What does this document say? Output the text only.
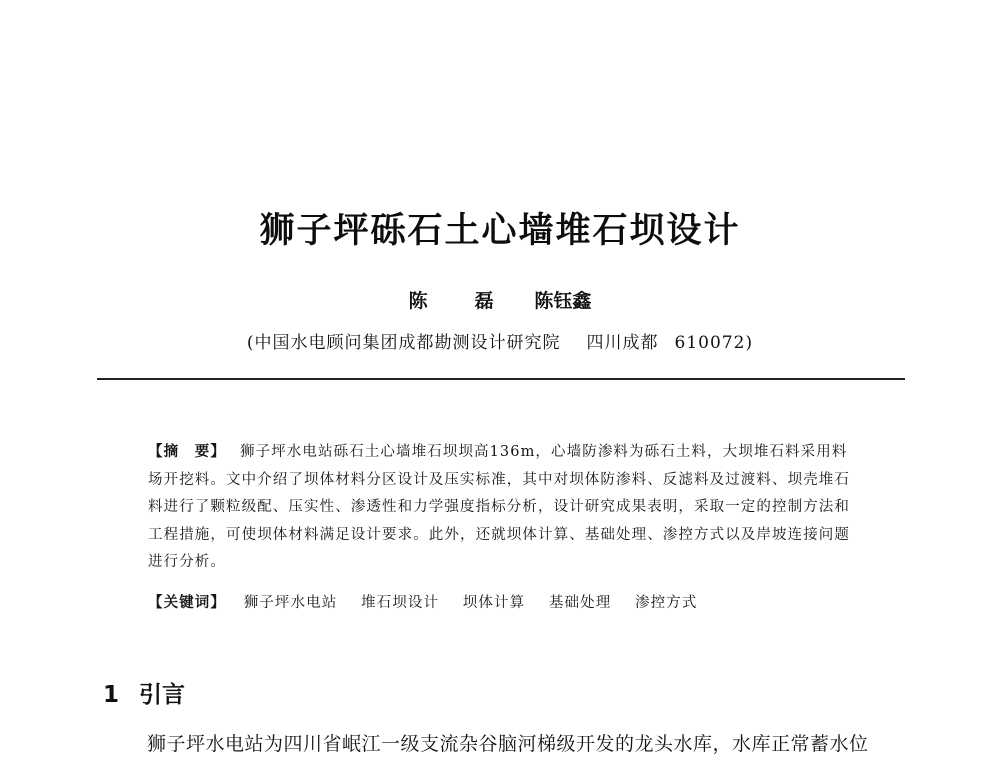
狮子坪砾石土心墙堆石坝设计
陈　磊 陈钰鑫
(中国水电顾问集团成都勘测设计研究院 四川成都 610072)
【摘　要】 狮子坪水电站砾石土心墙堆石坝坝高136m，心墙防渗料为砾石土料，大坝堆石料采用料场开挖料。文中介绍了坝体材料分区设计及压实标准，其中对坝体防渗料、反滤料及过渡料、坝壳堆石料进行了颗粒级配、压实性、渗透性和力学强度指标分析，设计研究成果表明，采取一定的控制方法和工程措施，可使坝体材料满足设计要求。此外，还就坝体计算、基础处理、渗控方式以及岸坡连接问题进行分析。
【关键词】 狮子坪水电站 堆石坝设计 坝体计算 基础处理 渗控方式
1 引言
狮子坪水电站为四川省岷江一级支流杂谷脑河梯级开发的龙头水库，水库正常蓄水位
